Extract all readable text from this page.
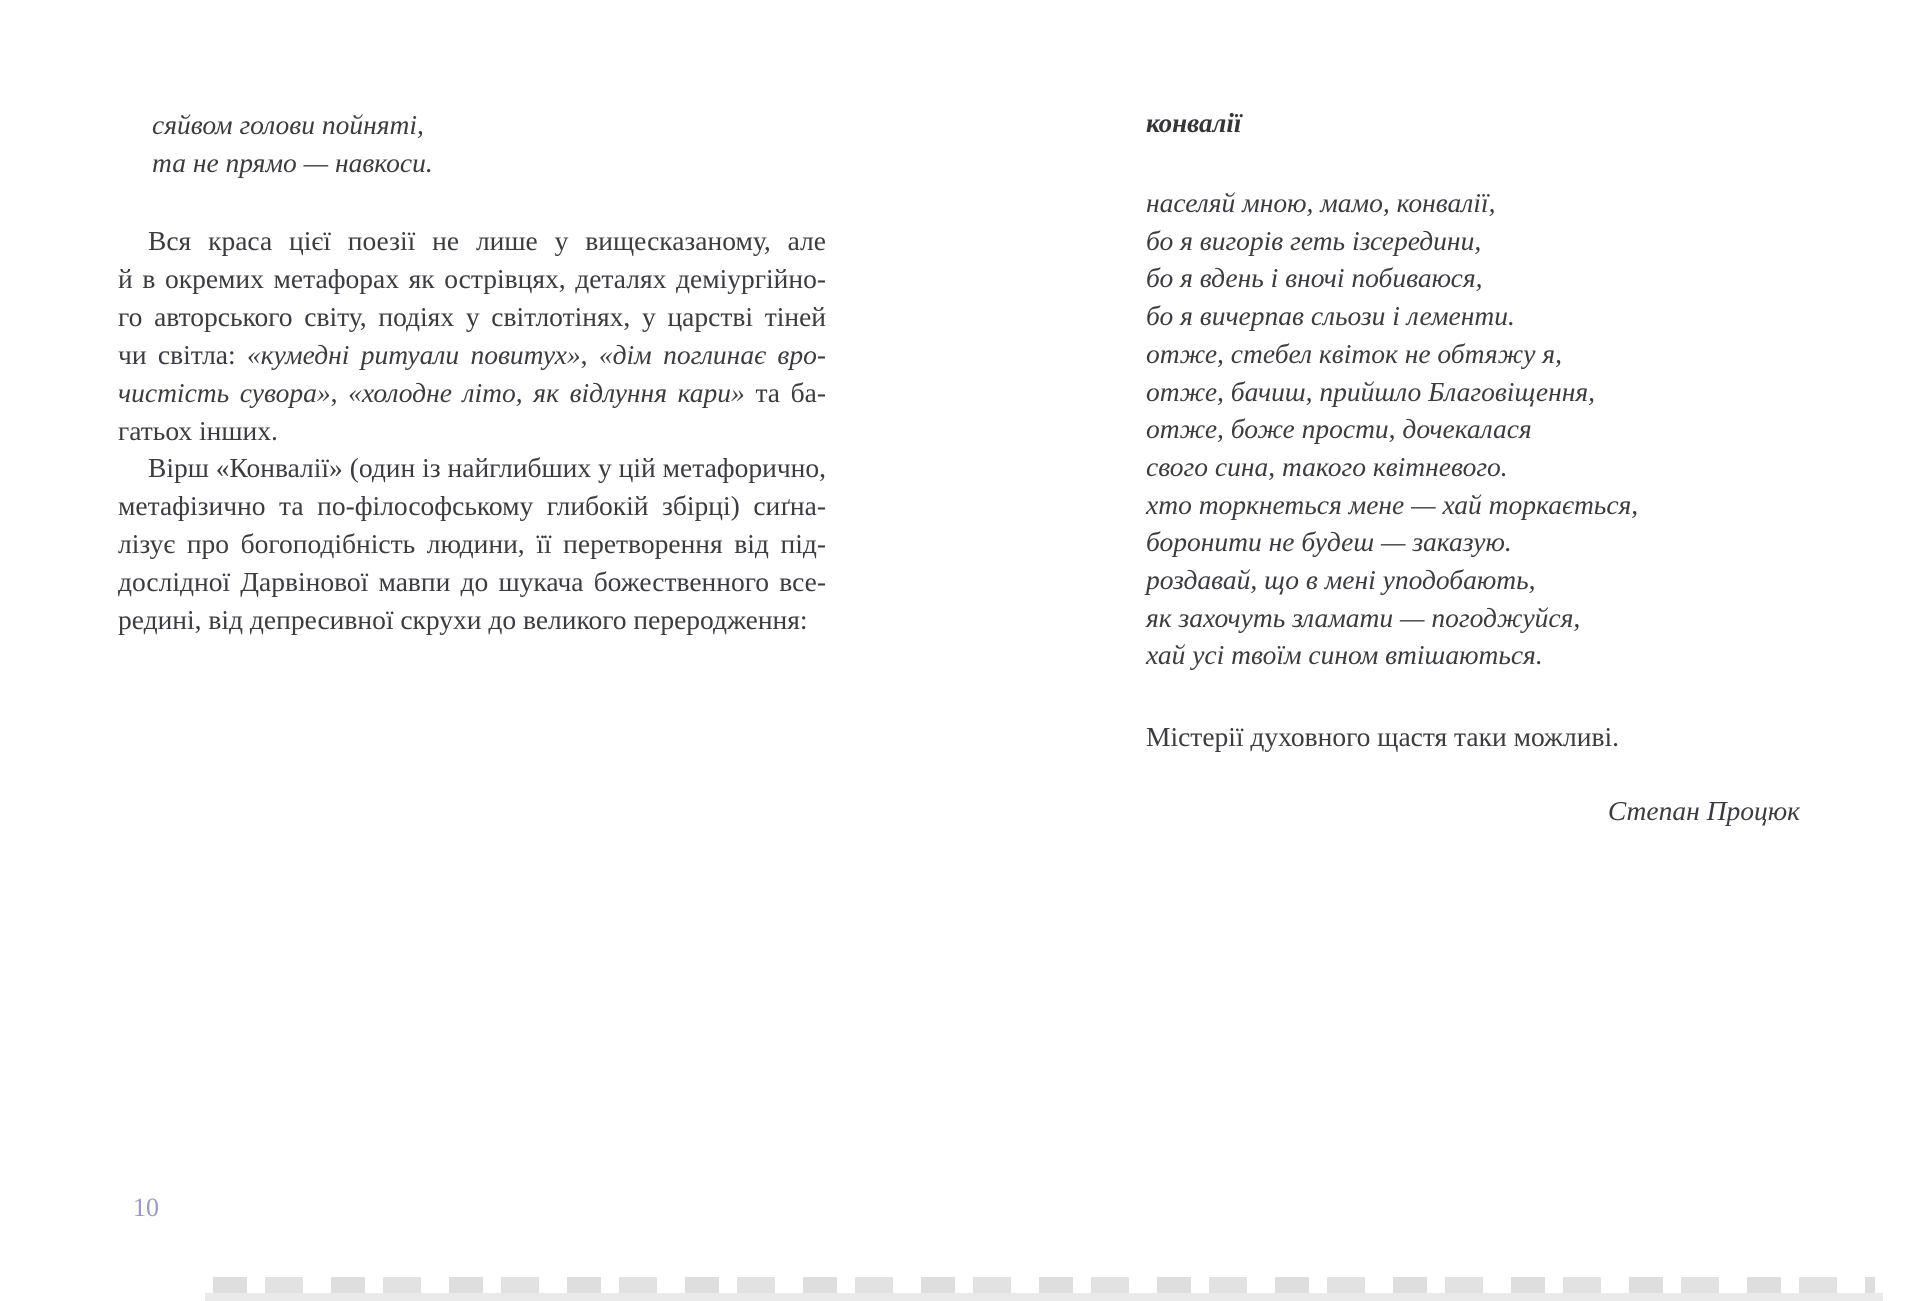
сяйвом голови пойняті,
та не прямо — навкоси.
Вся краса цієї поезії не лише у вищесказаному, але
й в окремих метафорах як острівцях, деталях деміургійно-
го авторського світу, подіях у світлотінях, у царстві тіней
чи світла: «кумедні ритуали повитух», «дім поглинає вро-
чистість сувора», «холодне літо, як відлуння кари» та ба-
гатьох інших.
Вірш «Конвалії» (один із найглибших у цій метафорично,
метафізично та по-філософському глибокій збірці) сиґна-
лізує про богоподібність людини, її перетворення від під-
дослідної Дарвінової мавпи до шукача божественного все-
редині, від депресивної скрухи до великого переродження:
10
конвалії
населяй мною, мамо, конвалії,
бо я вигорів геть ізсередини,
бо я вдень і вночі побиваюся,
бо я вичерпав сльози і лементи.
отже, стебел квіток не обтяжу я,
отже, бачиш, прийшло Благовіщення,
отже, боже прости, дочекалася
свого сина, такого квітневого.
хто торкнеться мене — хай торкається,
боронити не будеш — заказую.
роздавай, що в мені уподобають,
як захочуть зламати — погоджуйся,
хай усі твоїм сином втішаються.
Містерії духовного щастя таки можливі.
Степан Процюк
